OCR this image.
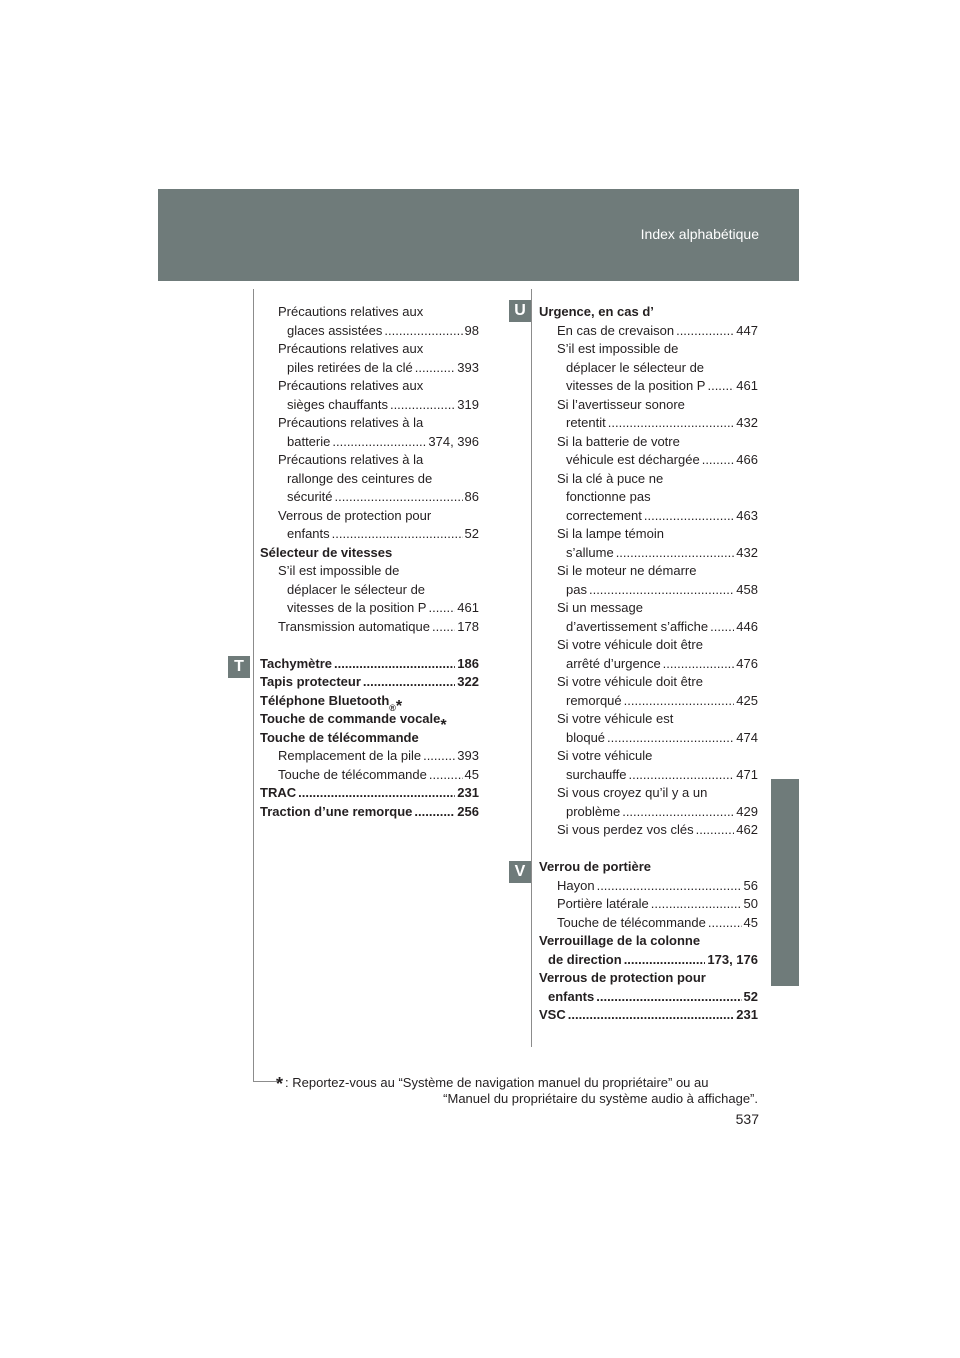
Index alphabétique
T
U
V
Précautions relatives aux
glaces assistées .....	98
Précautions relatives aux
piles retirées de la clé .....	393
Précautions relatives aux
sièges chauffants .....	319
Précautions relatives à la
batterie .....	374, 396
Précautions relatives à la
rallonge des ceintures de
sécurité .....	86
Verrous de protection pour
enfants .....	52
Sélecteur de vitesses
S’il est impossible de
déplacer le sélecteur de
vitesses de la position P ..... 461
Transmission automatique ..... 178
Tachymètre .....	186
Tapis protecteur .....	322
Téléphone Bluetooth
® *
Touche de commande vocale *
Touche de télécommande
Remplacement de la pile .....	393
Touche de télécommande .....	45
TRAC .....	231
Traction d’une remorque .....	256
Urgence, en cas d’
En cas de crevaison .....	447
S’il est impossible de
déplacer le sélecteur de
vitesses de la position P ..... 461
Si l’avertisseur sonore
retentit .....	432
Si la batterie de votre
véhicule est déchargée .....	466
Si la clé à puce ne
fonctionne pas
correctement .....	463
Si la lampe témoin
s’allume .....	432
Si le moteur ne démarre
pas .....	458
Si un message
d’avertissement s’affiche ..... 446
Si votre véhicule doit être
arrêté d’urgence .....	476
Si votre véhicule doit être
remorqué .....	425
Si votre véhicule est
bloqué .....	474
Si votre véhicule
surchauffe .....	471
Si vous croyez qu’il y a un
problème .....	429
Si vous perdez vos clés .....	462
Verrou de portière
Hayon .....	56
Portière latérale .....	50
Touche de télécommande .....	45
Verrouillage de la colonne
de direction .....	173, 176
Verrous de protection pour
enfants .....	52
VSC .....	231
* : Reportez-vous au “Système de navigation manuel du propriétaire” ou au
“Manuel du propriétaire du système audio à affichage”.
537
